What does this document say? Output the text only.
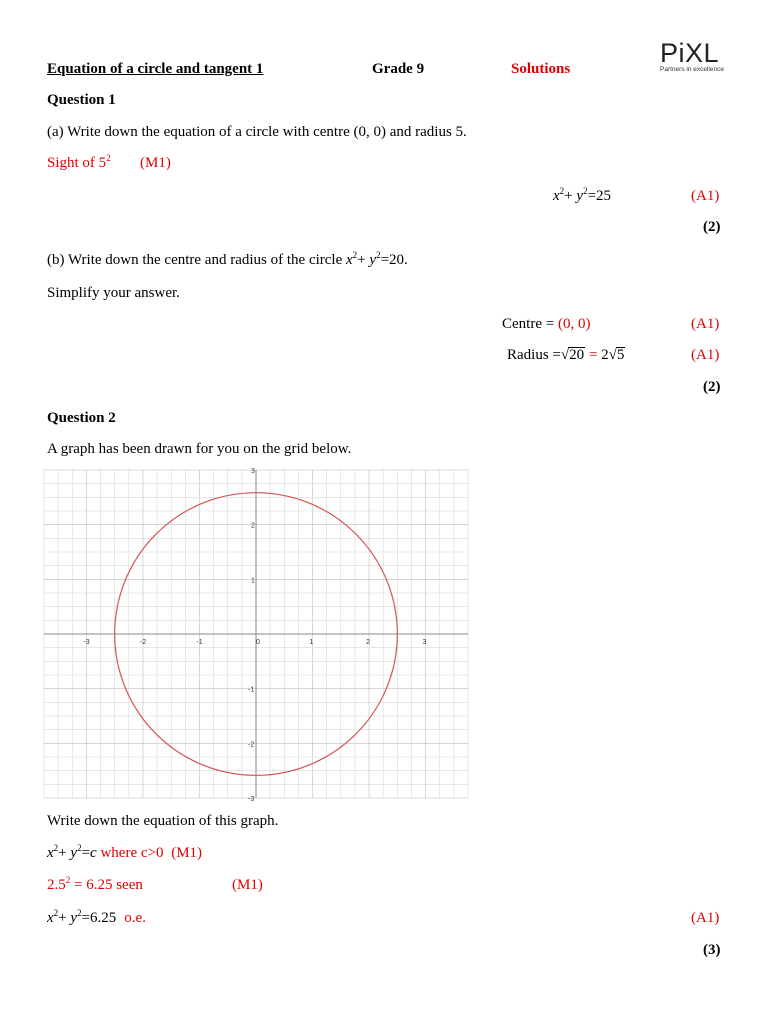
Equation of a circle and tangent 1	Grade 9	Solutions
PiXL
Partners in excellence
Question 1
(a) Write down the equation of a circle with centre (0, 0) and radius 5.
Sight of $5^2$ (M1)
$x^2+ y^2=25$	(A1)
(2)
(b) Write down the centre and radius of the circle $x^2+ y^2=20$.
Simplify your answer.
Centre = (0, 0)	(A1)
Radius =√20 = 2√5	(A1)
(2)
Question 2
A graph has been drawn for you on the grid below.
-3	-2	-1	0	1	2	3
3
2
1
-1
-2
-3
Write down the equation of this graph.
$x^2+ y^2=c$ where c>0 (M1)
$2.5^2 = 6.25$ seen	(M1)
$x^2+ y^2=6.25$ o.e.	(A1)
(3)
